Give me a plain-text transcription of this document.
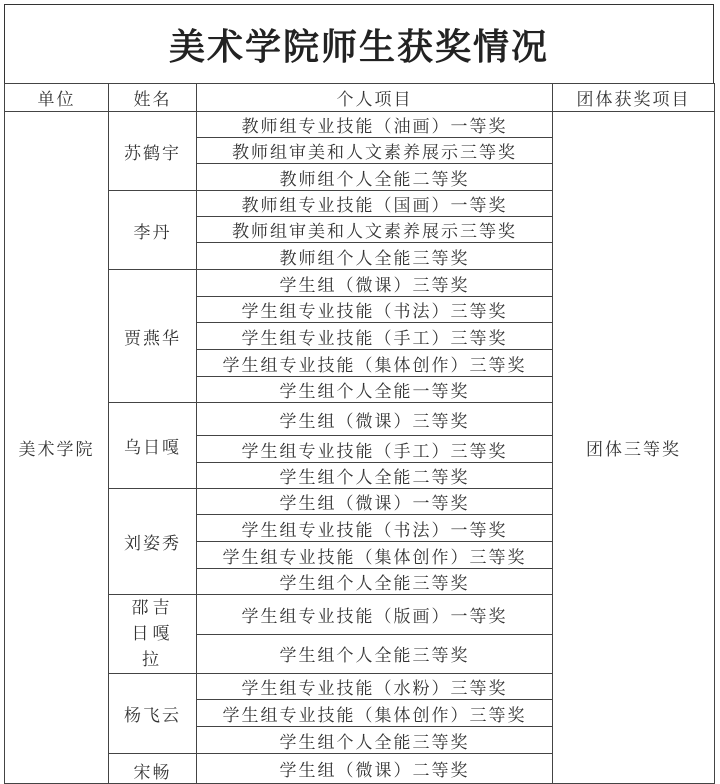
美术学院师生获奖情况
单位	姓名	个人项目	团体获奖项目
美术学院	苏鹤宇	教师组专业技能（油画）一等奖	团体三等奖
		教师组审美和人文素养展示三等奖	
		教师组个人全能二等奖	
	李丹	教师组专业技能（国画）一等奖	
		教师组审美和人文素养展示三等奖	
		教师组个人全能三等奖	
	贾燕华	学生组（微课）三等奖	
		学生组专业技能（书法）三等奖	
		学生组专业技能（手工）三等奖	
		学生组专业技能（集体创作）三等奖	
		学生组个人全能一等奖	
	乌日嘎	学生组（微课）三等奖	
		学生组专业技能（手工）三等奖	
		学生组个人全能二等奖	
	刘姿秀	学生组（微课）一等奖	
		学生组专业技能（书法）一等奖	
		学生组专业技能（集体创作）三等奖	
		学生组个人全能三等奖	
	邵吉日嘎拉	学生组专业技能（版画）一等奖	
		学生组个人全能三等奖	
	杨飞云	学生组专业技能（水粉）三等奖	
		学生组专业技能（集体创作）三等奖	
		学生组个人全能三等奖	
	宋畅	学生组（微课）二等奖	
